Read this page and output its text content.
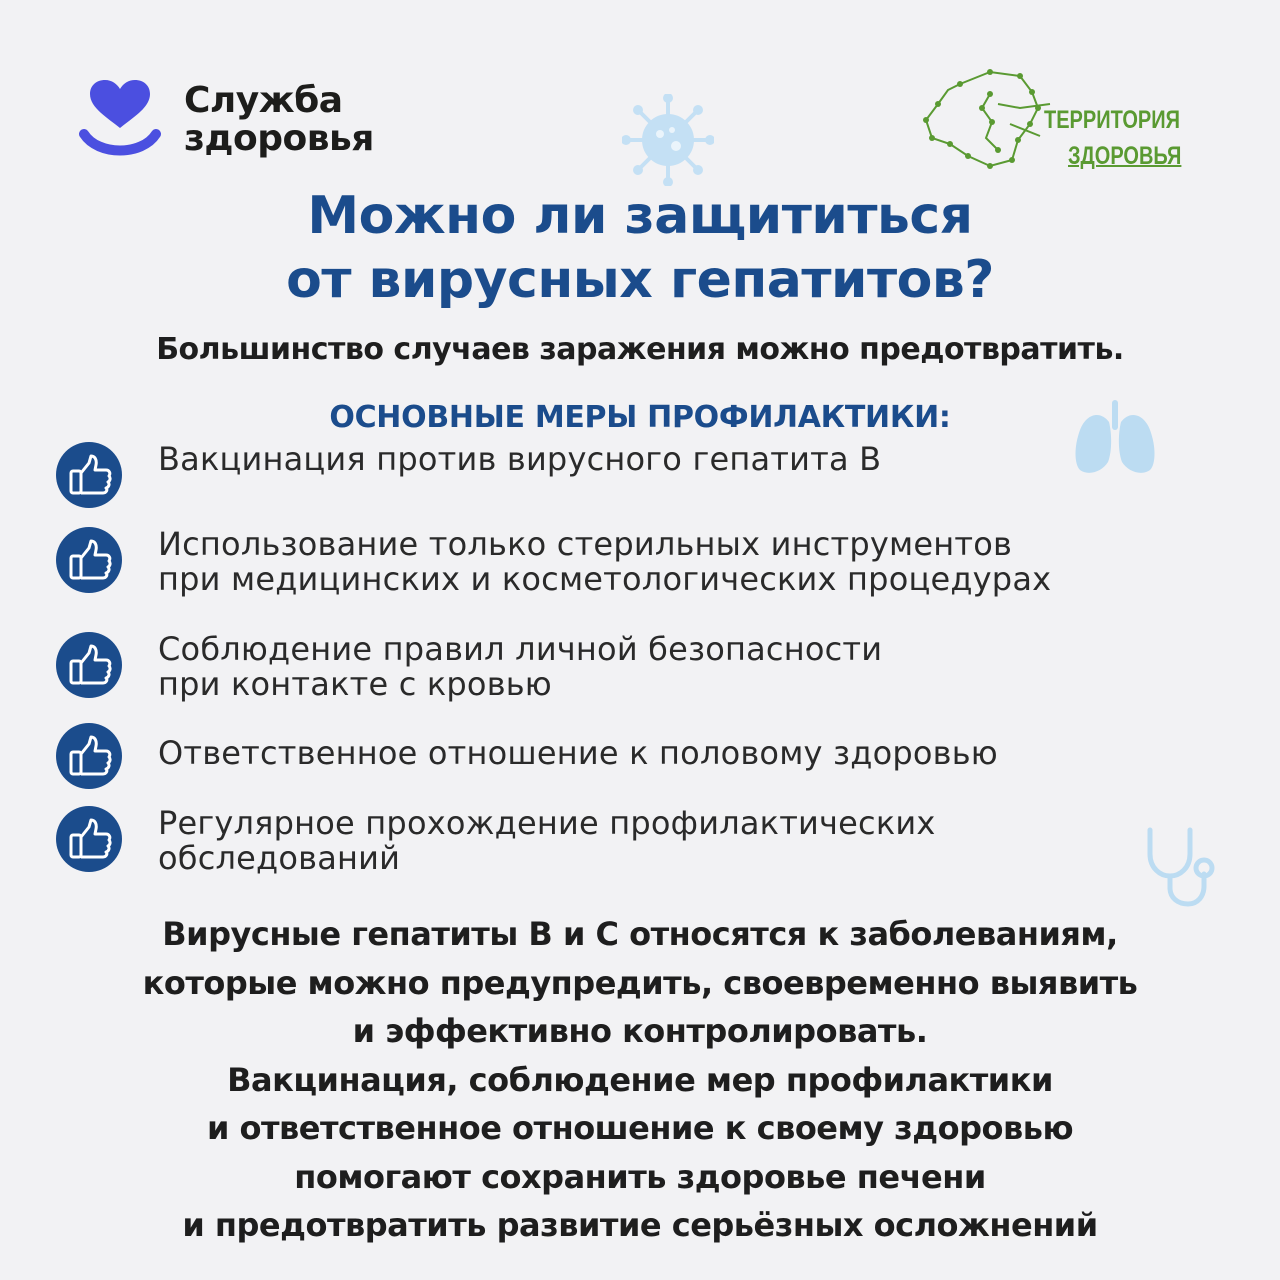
Служба
здоровья	ТЕРРИТОРИЯ
ЗДОРОВЬЯ
Можно ли защититься
от вирусных гепатитов?
Большинство случаев заражения можно предотвратить.
ОСНОВНЫЕ МЕРЫ ПРОФИЛАКТИКИ:
Вакцинация против вирусного гепатита В
Использование только стерильных инструментов
при медицинских и косметологических процедурах
Соблюдение правил личной безопасности
при контакте с кровью
Ответственное отношение к половому здоровью
Регулярное прохождение профилактических
обследований
Вирусные гепатиты В и С относятся к заболеваниям,
которые можно предупредить, своевременно выявить
и эффективно контролировать.
Вакцинация, соблюдение мер профилактики
и ответственное отношение к своему здоровью
помогают сохранить здоровье печени
и предотвратить развитие серьёзных осложнений
